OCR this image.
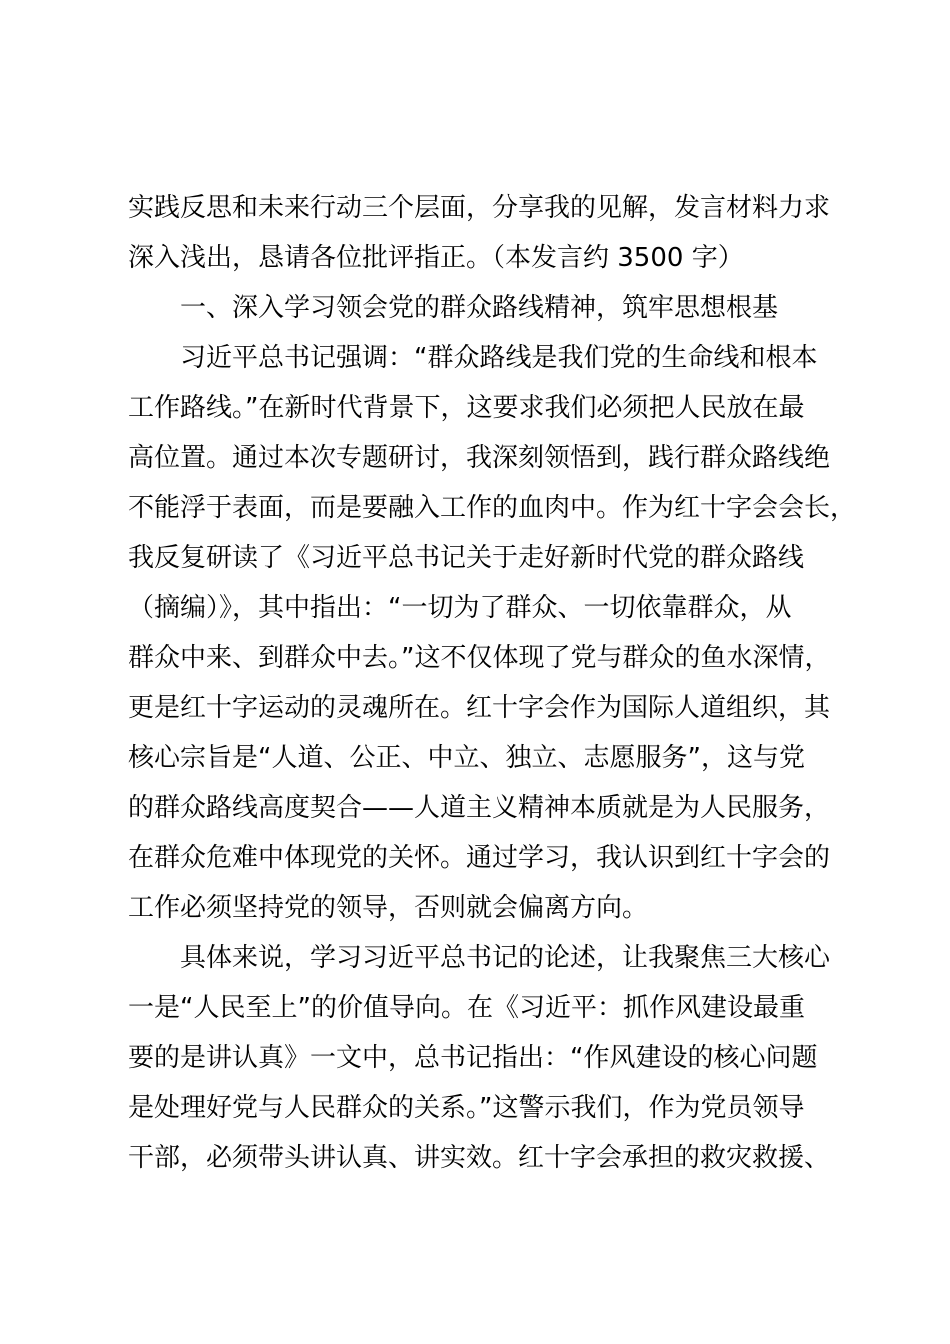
实践反思和未来行动三个层面，分享我的见解，发言材料力求
深入浅出，恳请各位批评指正。（本发言约 3500 字）
一、深入学习领会党的群众路线精神，筑牢思想根基
习近平总书记强调：“群众路线是我们党的生命线和根本
工作路线。”在新时代背景下，这要求我们必须把人民放在最
高位置。通过本次专题研讨，我深刻领悟到，践行群众路线绝
不能浮于表面，而是要融入工作的血肉中。作为红十字会会长，
我反复研读了《习近平总书记关于走好新时代党的群众路线
（摘编）》，其中指出：“一切为了群众、一切依靠群众，从
群众中来、到群众中去。”这不仅体现了党与群众的鱼水深情，
更是红十字运动的灵魂所在。红十字会作为国际人道组织，其
核心宗旨是“人道、公正、中立、独立、志愿服务”，这与党
的群众路线高度契合——人道主义精神本质就是为人民服务，
在群众危难中体现党的关怀。通过学习，我认识到红十字会的
工作必须坚持党的领导，否则就会偏离方向。
具体来说，学习习近平总书记的论述，让我聚焦三大核心
一是“人民至上”的价值导向。在《习近平：抓作风建设最重
要的是讲认真》一文中，总书记指出：“作风建设的核心问题
是处理好党与人民群众的关系。”这警示我们，作为党员领导
干部，必须带头讲认真、讲实效。红十字会承担的救灾救援、
